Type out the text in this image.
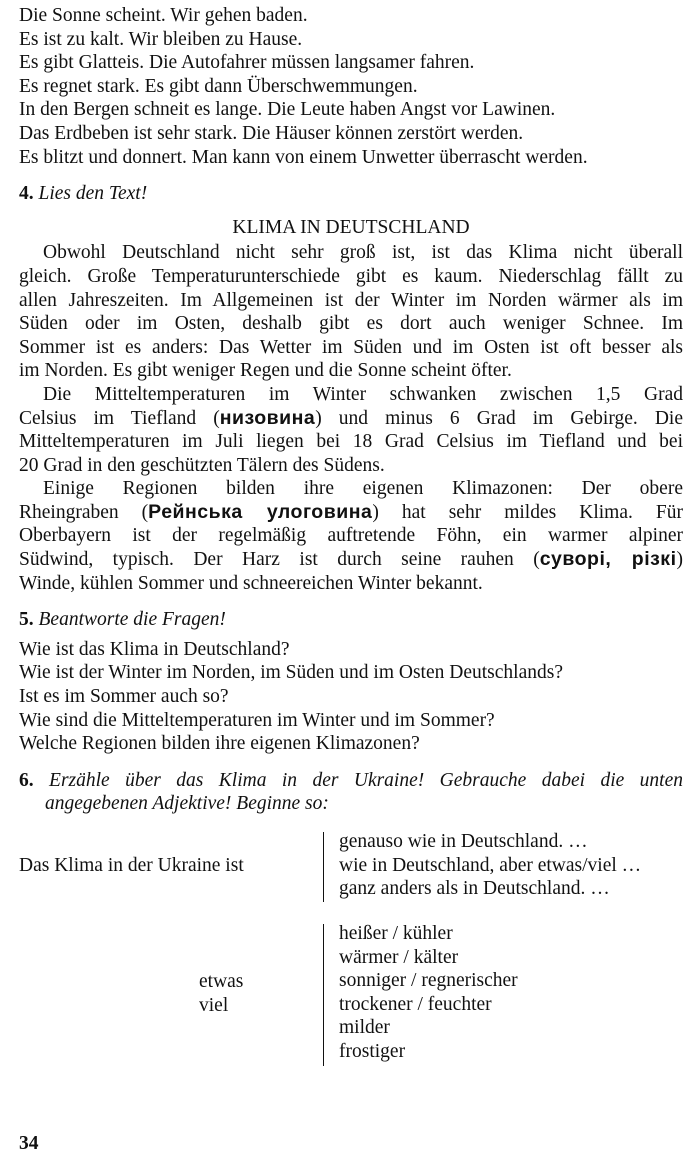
Die Sonne scheint. Wir gehen baden.
Es ist zu kalt. Wir bleiben zu Hause.
Es gibt Glatteis. Die Autofahrer müssen langsamer fahren.
Es regnet stark. Es gibt dann Überschwemmungen.
In den Bergen schneit es lange. Die Leute haben Angst vor Lawinen.
Das Erdbeben ist sehr stark. Die Häuser können zerstört werden.
Es blitzt und donnert. Man kann von einem Unwetter überrascht werden.
4. Lies den Text!
KLIMA IN DEUTSCHLAND
Obwohl Deutschland nicht sehr groß ist, ist das Klima nicht überall
gleich. Große Temperaturunterschiede gibt es kaum. Niederschlag fällt zu
allen Jahreszeiten. Im Allgemeinen ist der Winter im Norden wärmer als im
Süden oder im Osten, deshalb gibt es dort auch weniger Schnee. Im
Sommer ist es anders: Das Wetter im Süden und im Osten ist oft besser als
im Norden. Es gibt weniger Regen und die Sonne scheint öfter.
Die Mitteltemperaturen im Winter schwanken zwischen 1,5 Grad
Celsius im Tiefland (низовина) und minus 6 Grad im Gebirge. Die
Mitteltemperaturen im Juli liegen bei 18 Grad Celsius im Tiefland und bei
20 Grad in den geschützten Tälern des Südens.
Einige Regionen bilden ihre eigenen Klimazonen: Der obere
Rheingraben (Рейнська улоговина) hat sehr mildes Klima. Für
Oberbayern ist der regelmäßig auftretende Föhn, ein warmer alpiner
Südwind, typisch. Der Harz ist durch seine rauhen (суворі, різкі)
Winde, kühlen Sommer und schneereichen Winter bekannt.
5. Beantworte die Fragen!
Wie ist das Klima in Deutschland?
Wie ist der Winter im Norden, im Süden und im Osten Deutschlands?
Ist es im Sommer auch so?
Wie sind die Mitteltemperaturen im Winter und im Sommer?
Welche Regionen bilden ihre eigenen Klimazonen?
6. Erzähle über das Klima in der Ukraine! Gebrauche dabei die unten
angegebenen Adjektive! Beginne so:
Das Klima in der Ukraine ist
genauso wie in Deutschland. …
wie in Deutschland, aber etwas/viel …
ganz anders als in Deutschland. …
etwas
viel
heißer / kühler
wärmer / kälter
sonniger / regnerischer
trockener / feuchter
milder
frostiger
34
